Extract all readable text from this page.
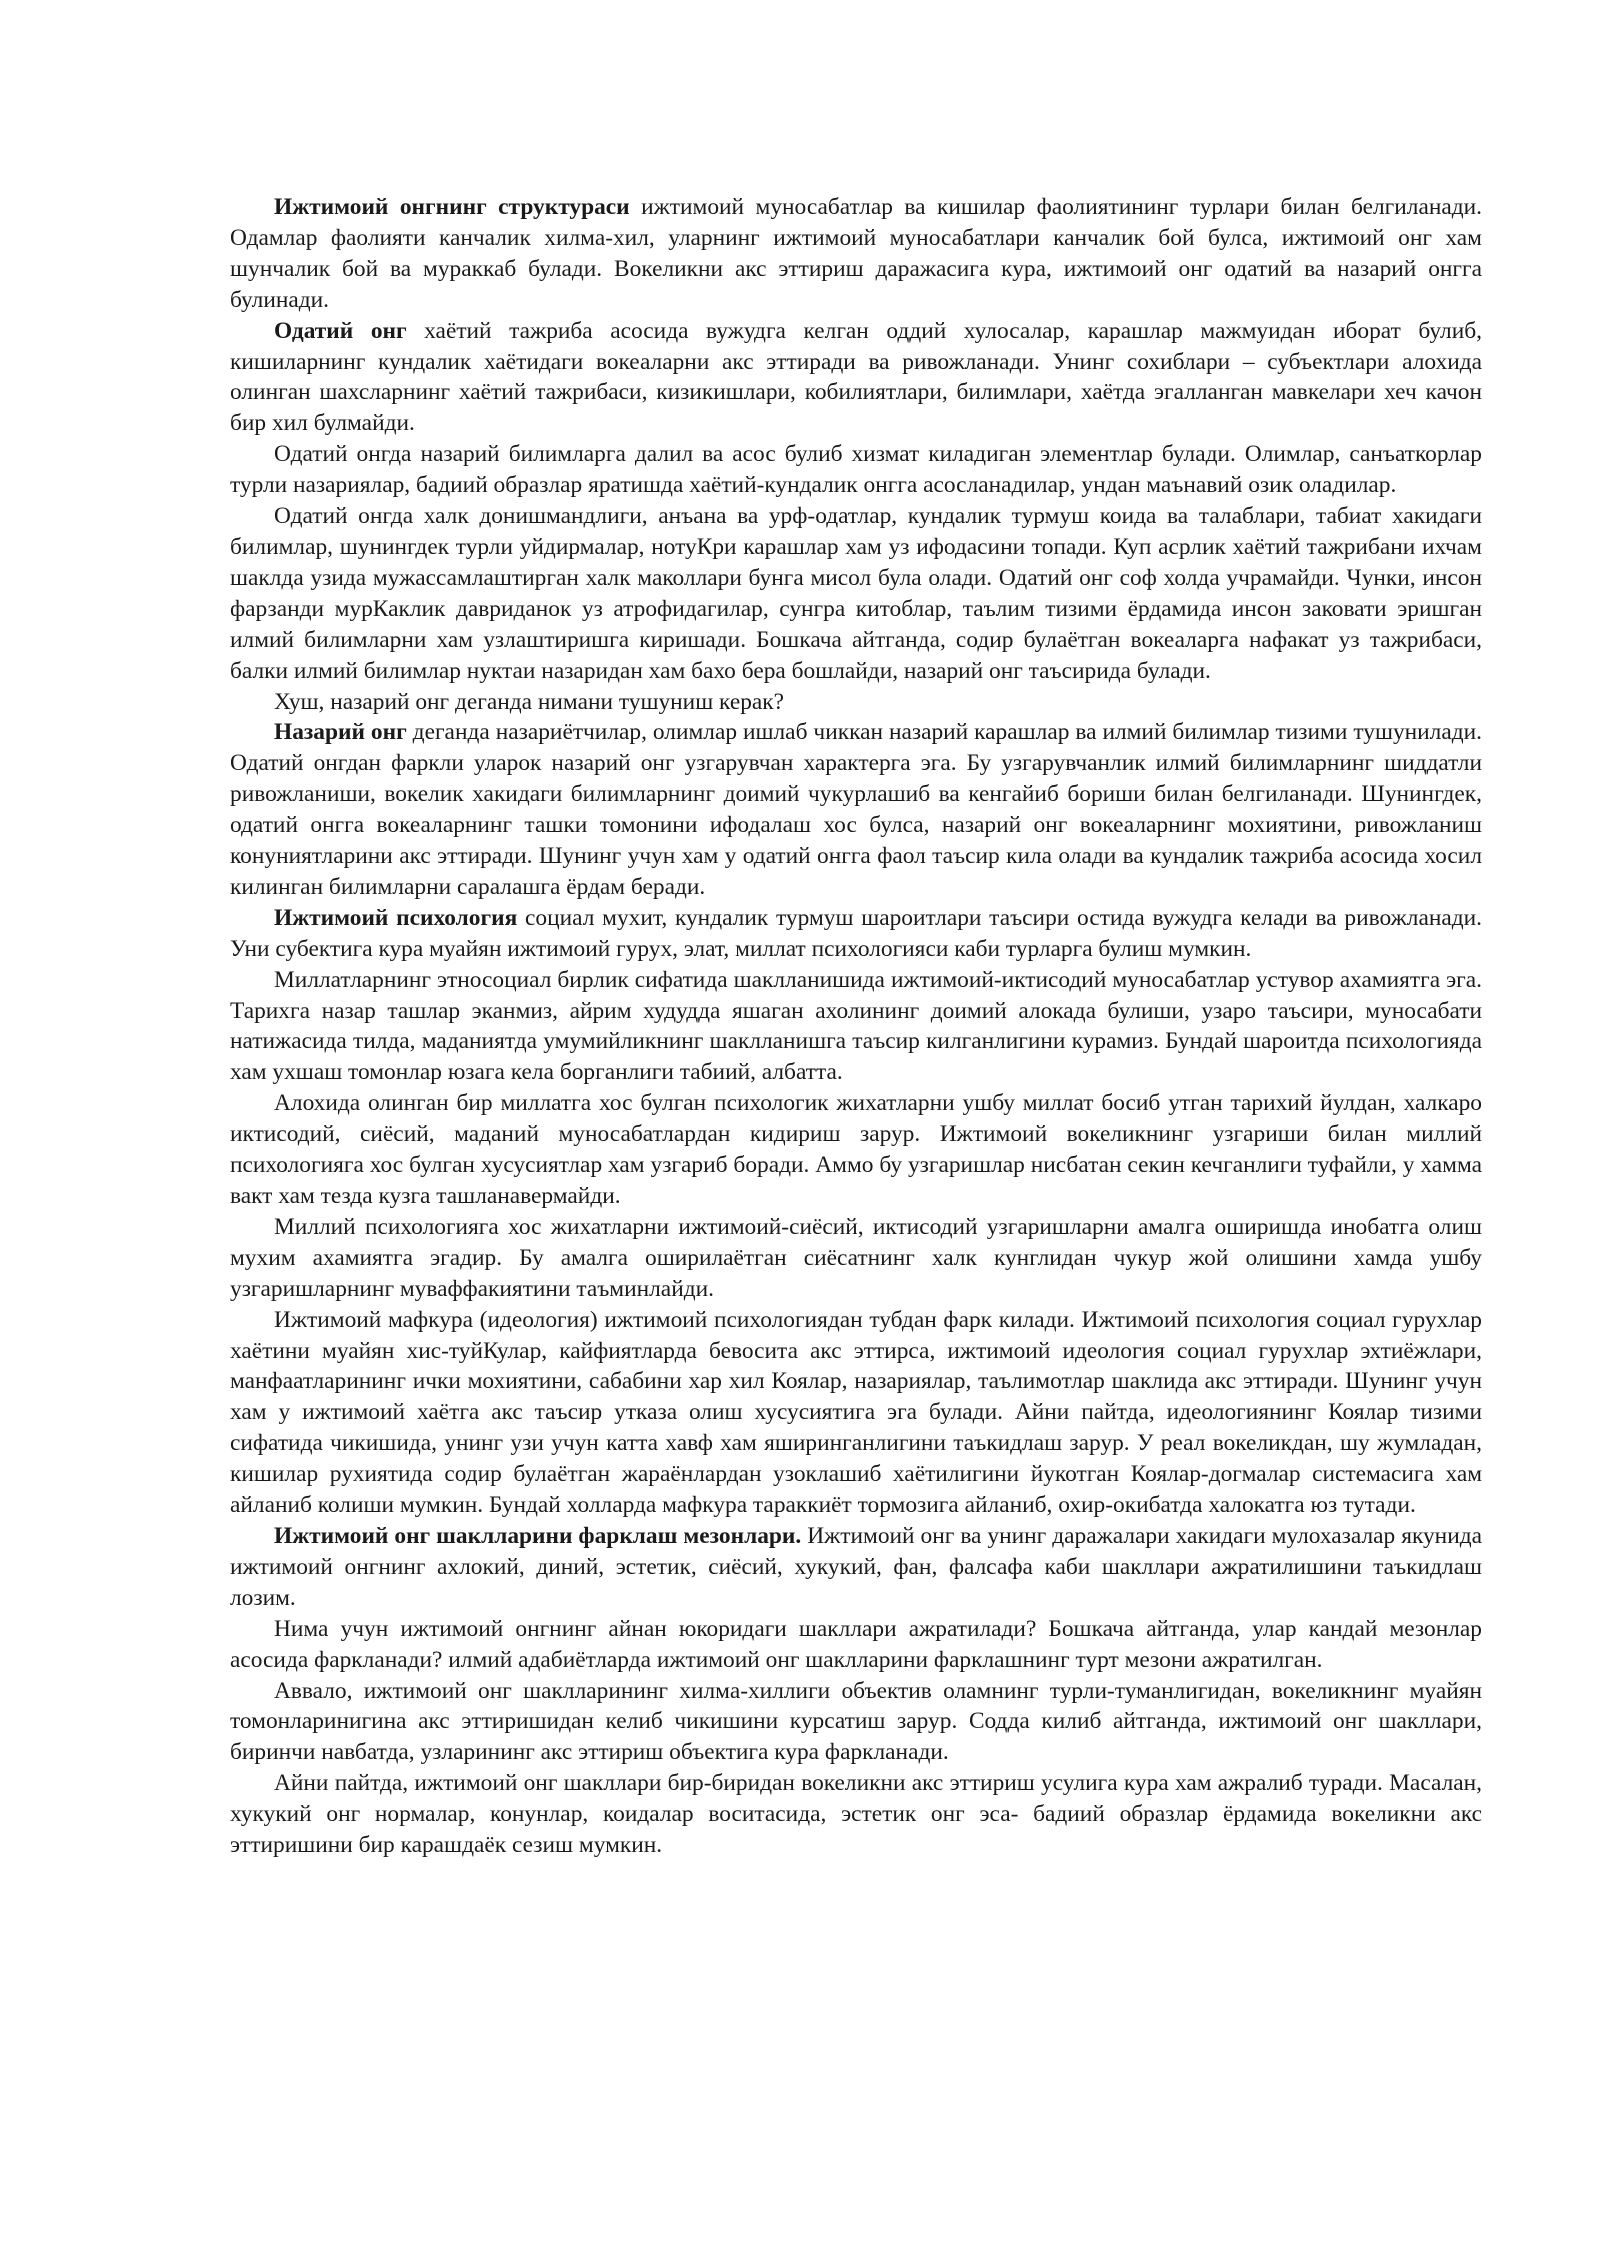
Ижтимоий онгнинг структураси ижтимоий муносабатлар ва кишилар фаолиятининг турлари билан белгиланади. Одамлар фаолияти канчалик хилма-хил, уларнинг ижтимоий муносабатлари канчалик бой булса, ижтимоий онг хам шунчалик бой ва мураккаб булади. Вокеликни акс эттириш даражасига кура, ижтимоий онг одатий ва назарий онгга булинади.

Одатий онг хаётий тажриба асосида вужудга келган оддий хулосалар, карашлар мажмуидан иборат булиб, кишиларнинг кундалик хаётидаги вокеаларни акс эттиради ва ривожланади. Унинг сохиблари – субъектлари алохида олинган шахсларнинг хаётий тажрибаси, кизикишлари, кобилиятлари, билимлари, хаётда эгалланган мавкелари хеч качон бир хил булмайди.

Одатий онгда назарий билимларга далил ва асос булиб хизмат киладиган элементлар булади. Олимлар, санъаткорлар турли назариялар, бадиий образлар яратишда хаётий-кундалик онгга асосланадилар, ундан маънавий озик оладилар.

Одатий онгда халк донишмандлиги, анъана ва урф-одатлар, кундалик турмуш коида ва талаблари, табиат хакидаги билимлар, шунингдек турли уйдирмалар, нотуКри карашлар хам уз ифодасини топади. Куп асрлик хаётий тажрибани ихчам шаклда узида мужассамлаштирган халк маколлари бунга мисол була олади. Одатий онг соф холда учрамайди. Чунки, инсон фарзанди мурКаклик давриданок уз атрофидагилар, сунгра китоблар, таълим тизими ёрдамида инсон заковати эришган илмий билимларни хам узлаштиришга киришади. Бошкача айтганда, содир булаётган вокеаларга нафакат уз тажрибаси, балки илмий билимлар нуктаи назаридан хам бахо бера бошлайди, назарий онг таъсирида булади.

Хуш, назарий онг деганда нимани тушуниш керак?

Назарий онг деганда назариётчилар, олимлар ишлаб чиккан назарий карашлар ва илмий билимлар тизими тушунилади. Одатий онгдан фаркли уларок назарий онг узгарувчан характерга эга. Бу узгарувчанлик илмий билимларнинг шиддатли ривожланиши, вокелик хакидаги билимларнинг доимий чукурлашиб ва кенгайиб бориши билан белгиланади. Шунингдек, одатий онгга вокеаларнинг ташки томонини ифодалаш хос булса, назарий онг вокеаларнинг мохиятини, ривожланиш конуниятларини акс эттиради. Шунинг учун хам у одатий онгга фаол таъсир кила олади ва кундалик тажриба асосида хосил килинган билимларни саралашга ёрдам беради.

Ижтимоий психология социал мухит, кундалик турмуш шароитлари таъсири остида вужудга келади ва ривожланади. Уни субектига кура муайян ижтимоий гурух, элат, миллат психологияси каби турларга булиш мумкин.

Миллатларнинг этносоциал бирлик сифатида шаклланишида ижтимоий-иктисодий муносабатлар устувор ахамиятга эга. Тарихга назар ташлар эканмиз, айрим худудда яшаган ахолининг доимий алокада булиши, узаро таъсири, муносабати натижасида тилда, маданиятда умумийликнинг шаклланишга таъсир килганлигини курамиз. Бундай шароитда психологияда хам ухшаш томонлар юзага кела борганлиги табиий, албатта.

Алохида олинган бир миллатга хос булган психологик жихатларни ушбу миллат босиб утган тарихий йулдан, халкаро иктисодий, сиёсий, маданий муносабатлардан кидириш зарур. Ижтимоий вокеликнинг узгариши билан миллий психологияга хос булган хусусиятлар хам узгариб боради. Аммо бу узгаришлар нисбатан секин кечганлиги туфайли, у хамма вакт хам тезда кузга ташланавермайди.

Миллий психологияга хос жихатларни ижтимоий-сиёсий, иктисодий узгаришларни амалга оширишда инобатга олиш мухим ахамиятга эгадир. Бу амалга оширилаётган сиёсатнинг халк кунглидан чукур жой олишини хамда ушбу узгаришларнинг муваффакиятини таъминлайди.

Ижтимоий мафкура (идеология) ижтимоий психологиядан тубдан фарк килади. Ижтимоий психология социал гурухлар хаётини муайян хис-туйКулар, кайфиятларда бевосита акс эттирса, ижтимоий идеология социал гурухлар эхтиёжлари, манфаатларининг ички мохиятини, сабабини хар хил Коялар, назариялар, таълимотлар шаклида акс эттиради. Шунинг учун хам у ижтимоий хаётга акс таъсир утказа олиш хусусиятига эга булади. Айни пайтда, идеологиянинг Коялар тизими сифатида чикишида, унинг узи учун катта хавф хам яширинганлигини таъкидлаш зарур. У реал вокеликдан, шу жумладан, кишилар рухиятида содир булаётган жараёнлардан узоклашиб хаётилигини йукотган Коялар-догмалар системасига хам айланиб колиши мумкин. Бундай холларда мафкура тараккиёт тормозига айланиб, охир-окибатда халокатга юз тутади.

Ижтимоий онг шаклларини фарклаш мезонлари. Ижтимоий онг ва унинг даражалари хакидаги мулохазалар якунида ижтимоий онгнинг ахлокий, диний, эстетик, сиёсий, хукукий, фан, фалсафа каби шакллари ажратилишини таъкидлаш лозим.

Нима учун ижтимоий онгнинг айнан юкоридаги шакллари ажратилади? Бошкача айтганда, улар кандай мезонлар асосида фаркланади? илмий адабиётларда ижтимоий онг шаклларини фарклашнинг турт мезони ажратилган.

Аввало, ижтимоий онг шаклларининг хилма-хиллиги объектив оламнинг турли-туманлигидан, вокеликнинг муайян томонларинигина акс эттиришидан келиб чикишини курсатиш зарур. Содда килиб айтганда, ижтимоий онг шакллари, биринчи навбатда, узларининг акс эттириш объектига кура фаркланади.

Айни пайтда, ижтимоий онг шакллари бир-биридан вокеликни акс эттириш усулига кура хам ажралиб туради. Масалан, хукукий онг нормалар, конунлар, коидалар воситасида, эстетик онг эса- бадиий образлар ёрдамида вокеликни акс эттиришини бир карашдаёк сезиш мумкин.
